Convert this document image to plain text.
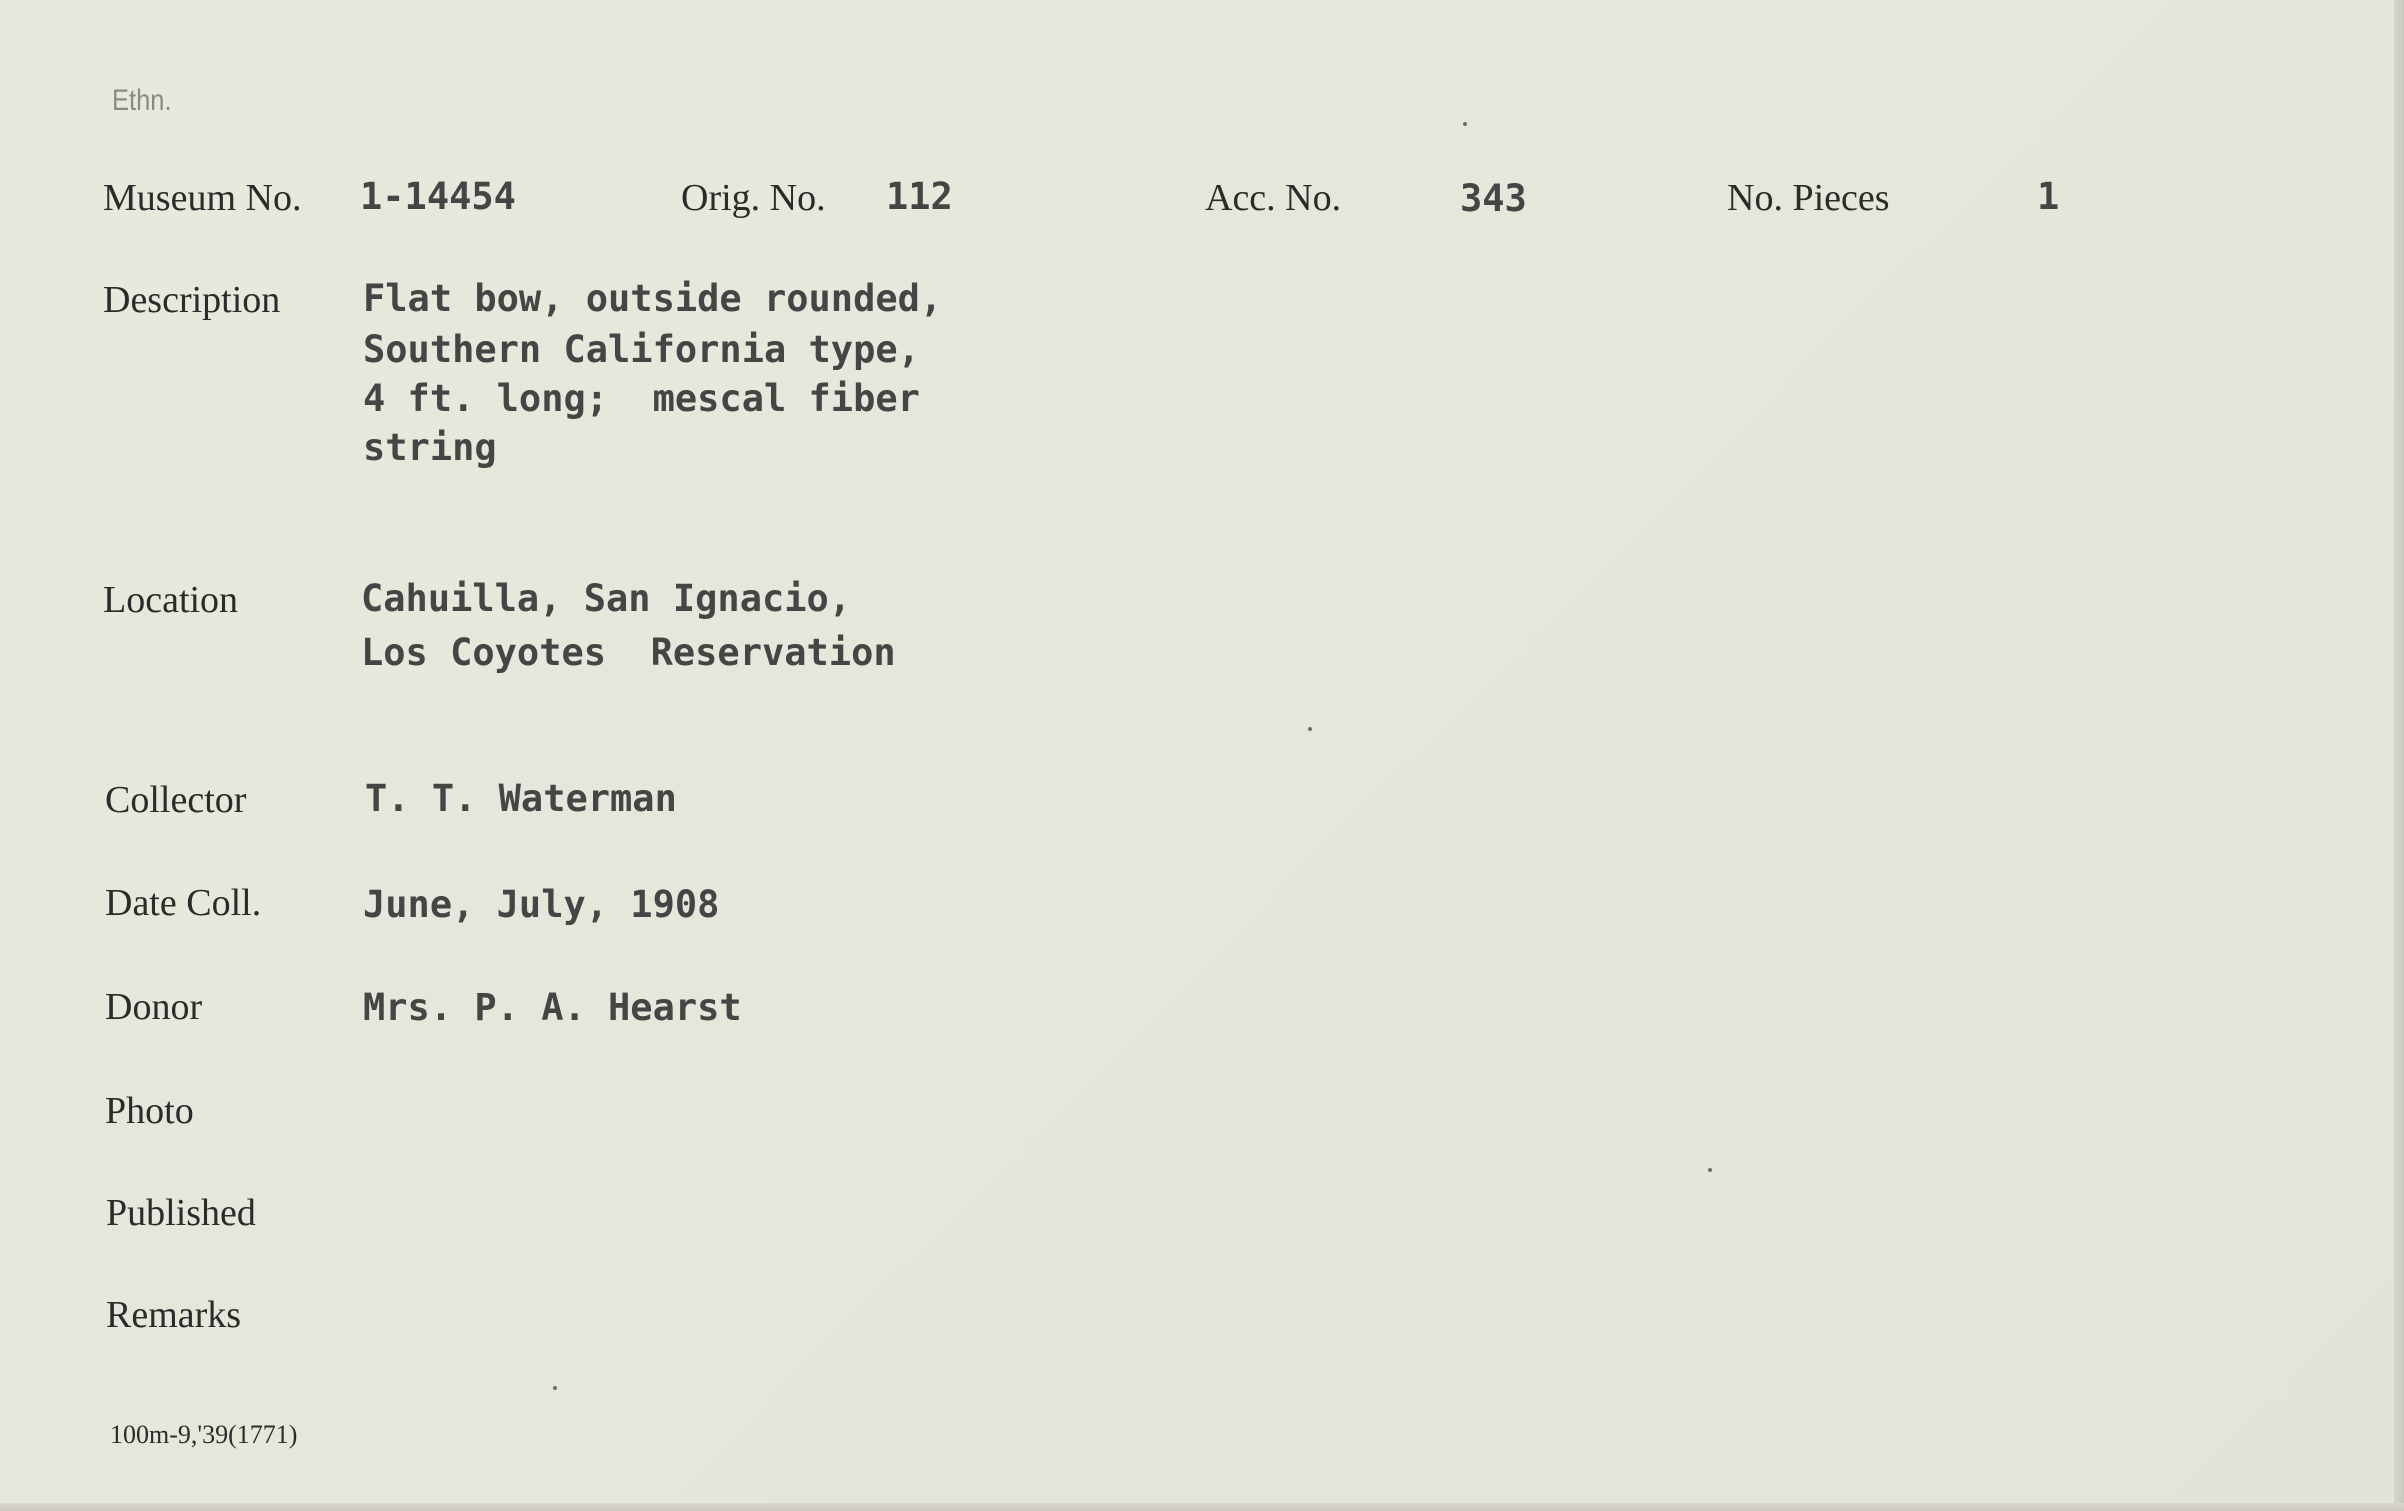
Ethn.
Museum No. 1-14454	Orig. No. 112	Acc. No.	343	No. Pieces	1
Description Flat bow, outside rounded,
Southern California type,
4 ft. long;  mescal fiber
string
Location	Cahuilla, San Ignacio,
Los Coyotes  Reservation
Collector	T. T. Waterman
Date Coll.	June, July, 1908
Donor	Mrs. P. A. Hearst
Photo
Published
Remarks
100m-9,'39(1771)
